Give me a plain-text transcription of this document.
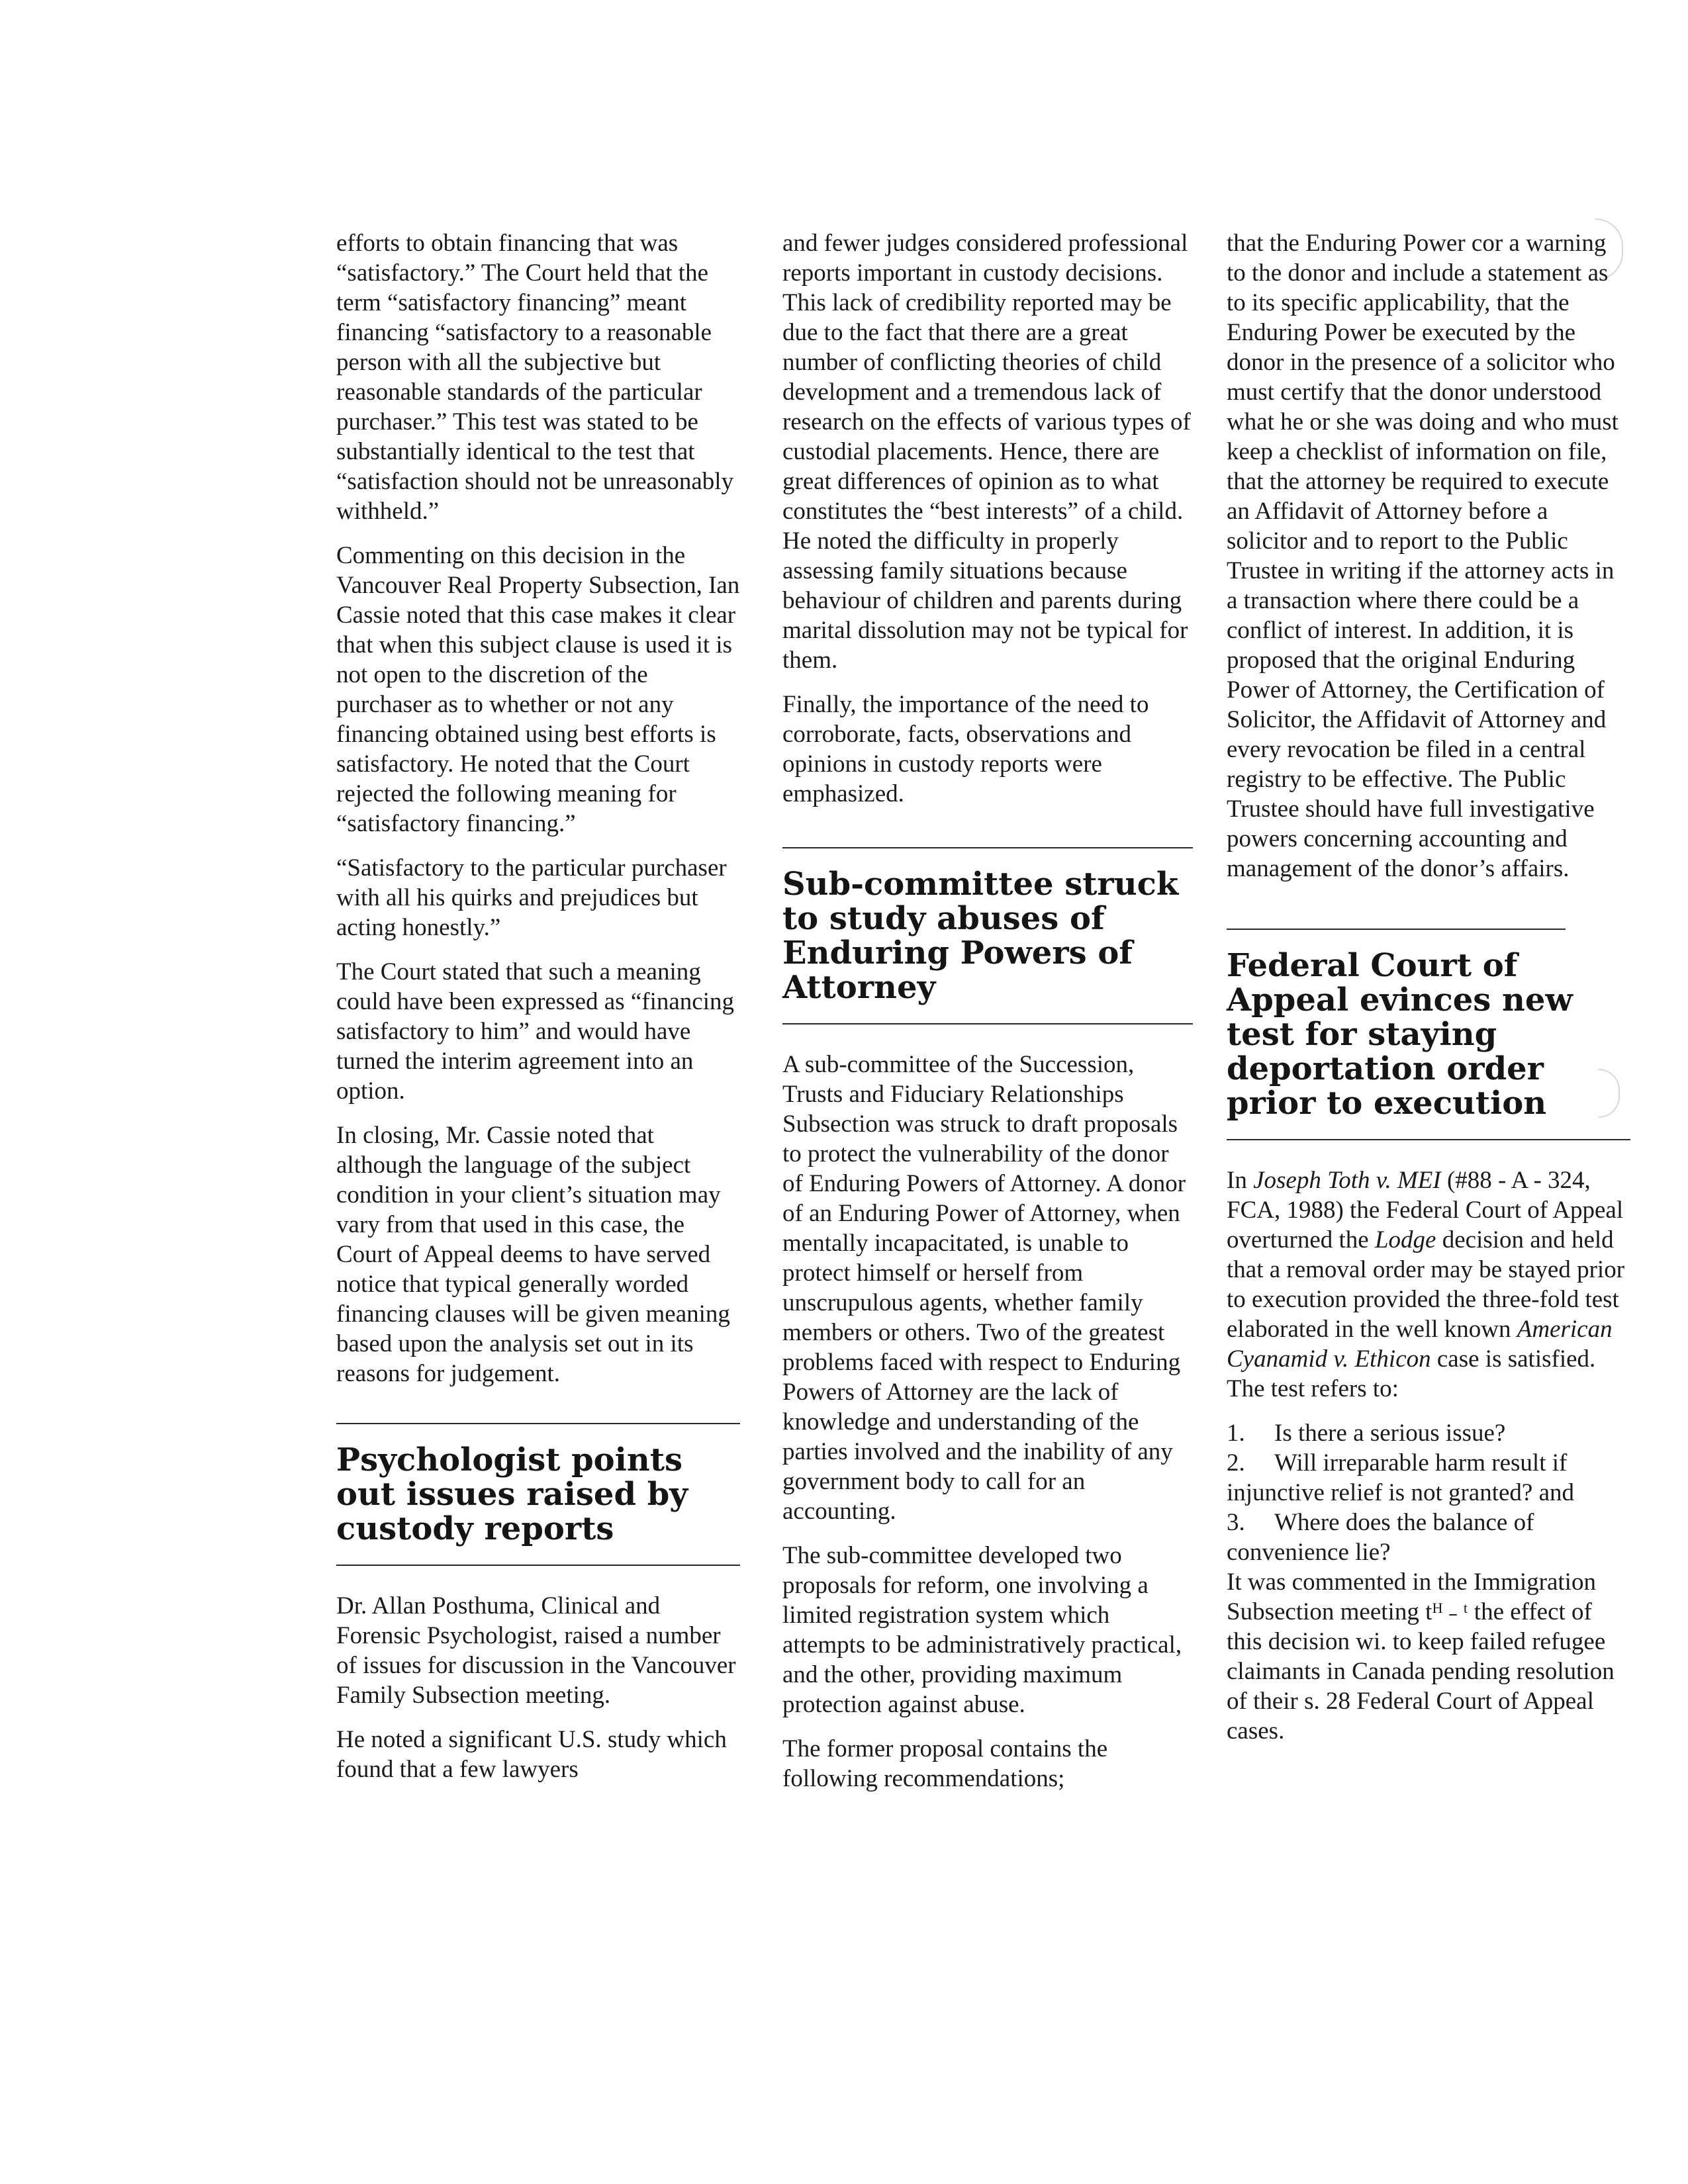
efforts to obtain financing that was “satisfactory.” The Court held that the term “satisfactory financing” meant financing “satisfactory to a reasonable person with all the subjective but reasonable standards of the particular purchaser.” This test was stated to be substantially identical to the test that “satisfaction should not be unreasonably withheld.”

Commenting on this decision in the Vancouver Real Property Subsection, Ian Cassie noted that this case makes it clear that when this subject clause is used it is not open to the discretion of the purchaser as to whether or not any financing obtained using best efforts is satisfactory. He noted that the Court rejected the following meaning for “satisfactory financing.”

“Satisfactory to the particular purchaser with all his quirks and prejudices but acting honestly.”

The Court stated that such a meaning could have been expressed as “financing satisfactory to him” and would have turned the interim agreement into an option.

In closing, Mr. Cassie noted that although the language of the subject condition in your client’s situation may vary from that used in this case, the Court of Appeal deems to have served notice that typical generally worded financing clauses will be given meaning based upon the analysis set out in its reasons for judgement.

Psychologist points out issues raised by custody reports

Dr. Allan Posthuma, Clinical and Forensic Psychologist, raised a number of issues for discussion in the Vancouver Family Subsection meeting.

He noted a significant U.S. study which found that a few lawyers

and fewer judges considered professional reports important in custody decisions. This lack of credibility reported may be due to the fact that there are a great number of conflicting theories of child development and a tremendous lack of research on the effects of various types of custodial placements. Hence, there are great differences of opinion as to what constitutes the “best interests” of a child. He noted the difficulty in properly assessing family situations because behaviour of children and parents during marital dissolution may not be typical for them.

Finally, the importance of the need to corroborate, facts, observations and opinions in custody reports were emphasized.

Sub-committee struck to study abuses of Enduring Powers of Attorney

A sub-committee of the Succession, Trusts and Fiduciary Relationships Subsection was struck to draft proposals to protect the vulnerability of the donor of Enduring Powers of Attorney. A donor of an Enduring Power of Attorney, when mentally incapacitated, is unable to protect himself or herself from unscrupulous agents, whether family members or others. Two of the greatest problems faced with respect to Enduring Powers of Attorney are the lack of knowledge and understanding of the parties involved and the inability of any government body to call for an accounting.

The sub-committee developed two proposals for reform, one involving a limited registration system which attempts to be administratively practical, and the other, providing maximum protection against abuse.

The former proposal contains the following recommendations;

that the Enduring Power cor a warning to the donor and include a statement as to its specific applicability, that the Enduring Power be executed by the donor in the presence of a solicitor who must certify that the donor understood what he or she was doing and who must keep a checklist of information on file, that the attorney be required to execute an Affidavit of Attorney before a solicitor and to report to the Public Trustee in writing if the attorney acts in a transaction where there could be a conflict of interest. In addition, it is proposed that the original Enduring Power of Attorney, the Certification of Solicitor, the Affidavit of Attorney and every revocation be filed in a central registry to be effective. The Public Trustee should have full investigative powers concerning accounting and management of the donor’s affairs.

Federal Court of Appeal evinces new test for staying deportation order prior to execution

In Joseph Toth v. MEI (#88 - A - 324, FCA, 1988) the Federal Court of Appeal overturned the Lodge decision and held that a removal order may be stayed prior to execution provided the three-fold test elaborated in the well known American Cyanamid v. Ethicon case is satisfied. The test refers to:

1. Is there a serious issue?
2. Will irreparable harm result if injunctive relief is not granted? and
3. Where does the balance of convenience lie?

It was commented in the Immigration Subsection meeting tᴴ ˗ ᵗ the effect of this decision wi. to keep failed refugee claimants in Canada pending resolution of their s. 28 Federal Court of Appeal cases.
